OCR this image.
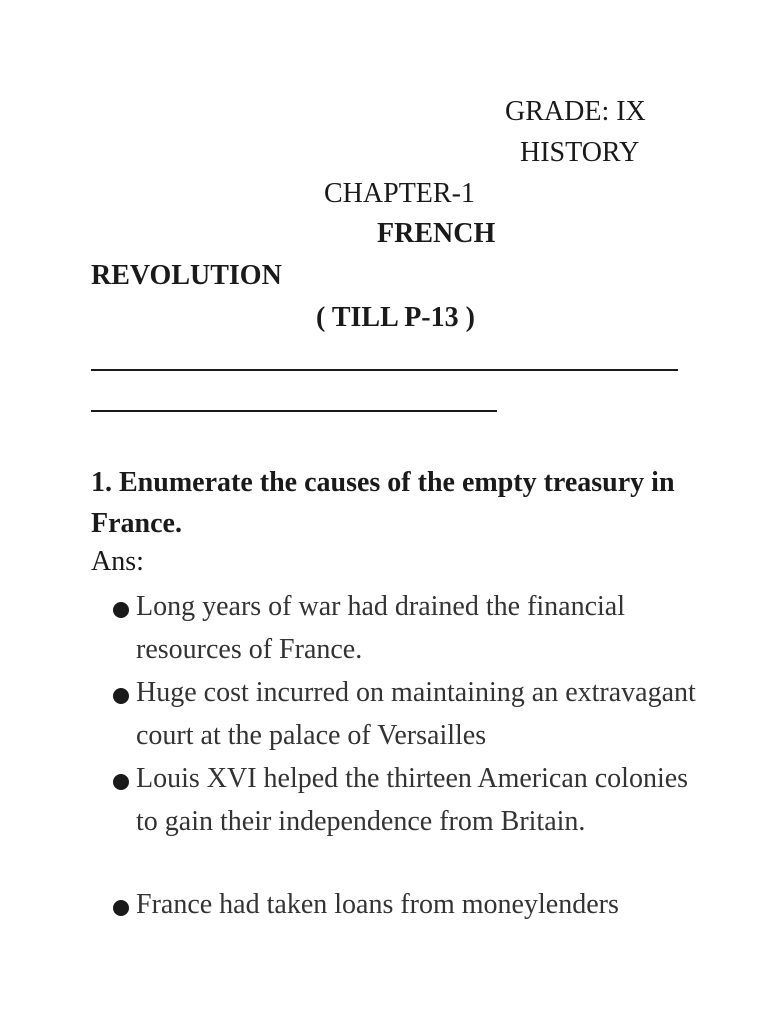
GRADE: IX
HISTORY
CHAPTER-1
FRENCH
REVOLUTION
( TILL P-13 )
1. Enumerate the causes of the empty treasury in France.
Ans:
Long years of war had drained the financial resources of France.
Huge cost incurred on maintaining an extravagant court at the palace of Versailles
Louis XVI helped the thirteen American colonies to gain their independence from Britain.
France had taken loans from moneylenders
